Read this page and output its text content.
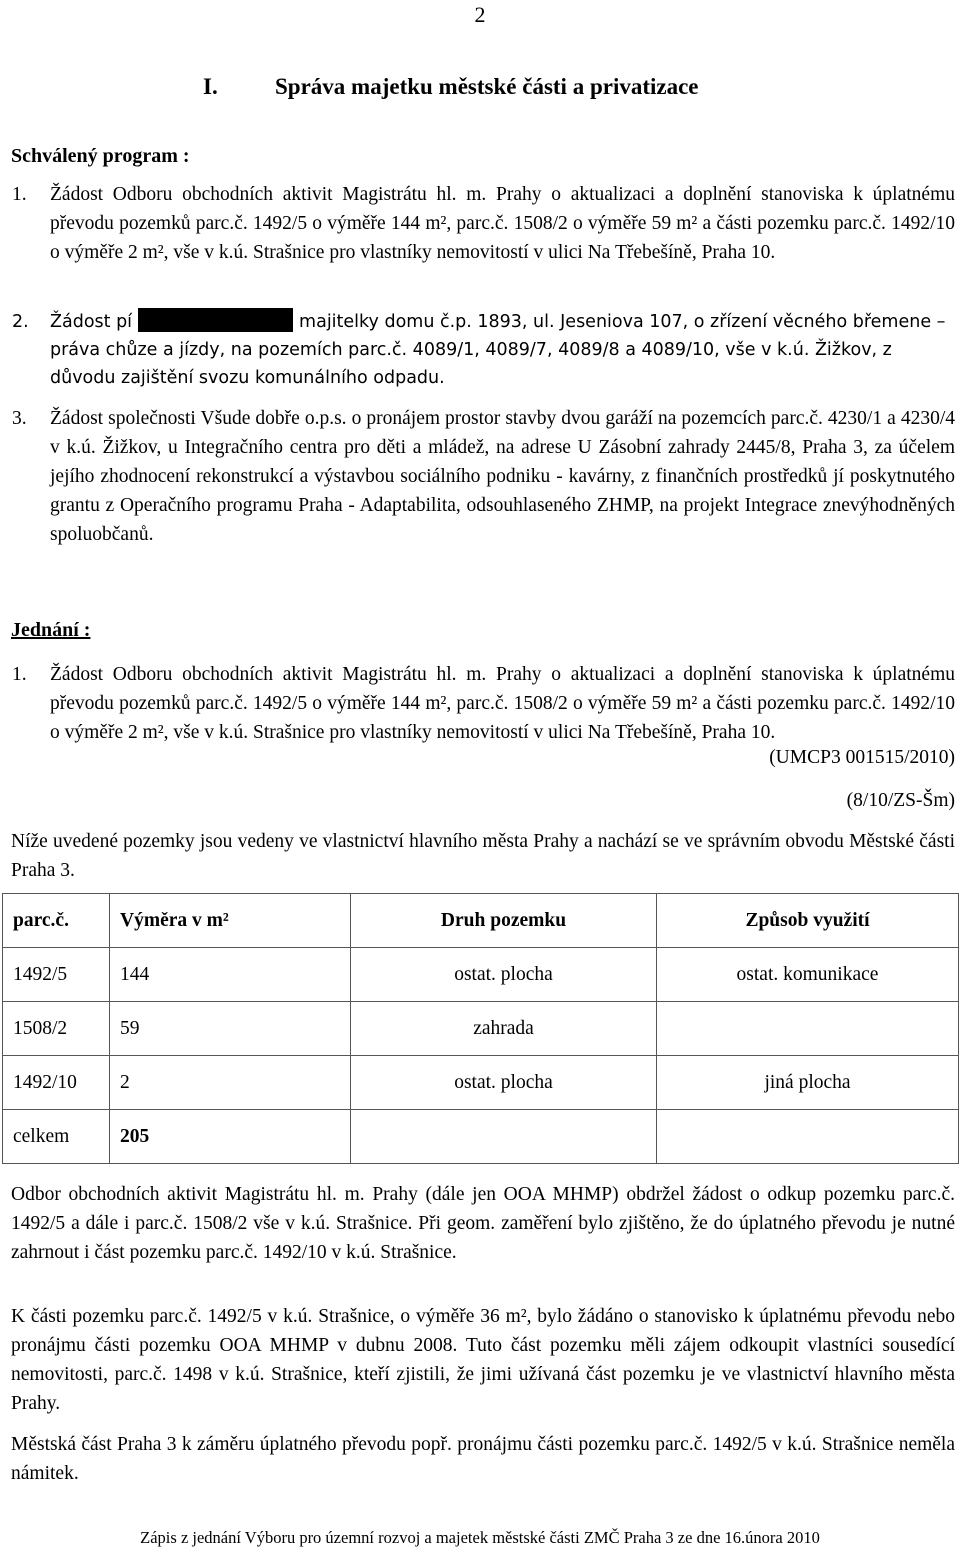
2
I. Správa majetku městské části a privatizace
Schválený program :
1. Žádost Odboru obchodních aktivit Magistrátu hl. m. Prahy o aktualizaci a doplnění stanoviska k úplatnému převodu pozemků parc.č. 1492/5 o výměře 144 m², parc.č. 1508/2 o výměře 59 m² a části pozemku parc.č. 1492/10 o výměře 2 m², vše v k.ú. Strašnice pro vlastníky nemovitostí v ulici Na Třebešíně, Praha 10.
2. Žádost pí	majitelky domu č.p. 1893, ul. Jeseniova 107, o zřízení věcného břemene – práva chůze a jízdy, na pozemích parc.č. 4089/1, 4089/7, 4089/8 a 4089/10, vše v k.ú. Žižkov, z důvodu zajištění svozu komunálního odpadu.
3. Žádost společnosti Všude dobře o.p.s. o pronájem prostor stavby dvou garáží na pozemcích parc.č. 4230/1 a 4230/4 v k.ú. Žižkov, u Integračního centra pro děti a mládež, na adrese U Zásobní zahrady 2445/8, Praha 3, za účelem jejího zhodnocení rekonstrukcí a výstavbou sociálního podniku - kavárny, z finančních prostředků jí poskytnutého grantu z Operačního programu Praha - Adaptabilita, odsouhlaseného ZHMP, na projekt Integrace znevýhodněných spoluobčanů.
Jednání :
1. Žádost Odboru obchodních aktivit Magistrátu hl. m. Prahy o aktualizaci a doplnění stanoviska k úplatnému převodu pozemků parc.č. 1492/5 o výměře 144 m², parc.č. 1508/2 o výměře 59 m² a části pozemku parc.č. 1492/10 o výměře 2 m², vše v k.ú. Strašnice pro vlastníky nemovitostí v ulici Na Třebešíně, Praha 10.
(UMCP3 001515/2010)
(8/10/ZS-Šm)
Níže uvedené pozemky jsou vedeny ve vlastnictví hlavního města Prahy a nachází se ve správním obvodu Městské části Praha 3.
parc.č.	Výměra v m²	Druh pozemku	Způsob využití
1492/5	144	ostat. plocha	ostat. komunikace
1508/2	59	zahrada	
1492/10	2	ostat. plocha	jiná plocha
celkem	205		
Odbor obchodních aktivit Magistrátu hl. m. Prahy (dále jen OOA MHMP) obdržel žádost o odkup pozemku parc.č. 1492/5 a dále i parc.č. 1508/2 vše v k.ú. Strašnice. Při geom. zaměření bylo zjištěno, že do úplatného převodu je nutné zahrnout i část pozemku parc.č. 1492/10 v k.ú. Strašnice.
K části pozemku parc.č. 1492/5 v k.ú. Strašnice, o výměře 36 m², bylo žádáno o stanovisko k úplatnému převodu nebo pronájmu části pozemku OOA MHMP v dubnu 2008. Tuto část pozemku měli zájem odkoupit vlastníci sousedící nemovitosti, parc.č. 1498 v k.ú. Strašnice, kteří zjistili, že jimi užívaná část pozemku je ve vlastnictví hlavního města Prahy.
Městská část Praha 3 k záměru úplatného převodu popř. pronájmu části pozemku parc.č. 1492/5 v k.ú. Strašnice neměla námitek.
Zápis z jednání Výboru pro územní rozvoj a majetek městské části ZMČ Praha 3 ze dne 16.února 2010
